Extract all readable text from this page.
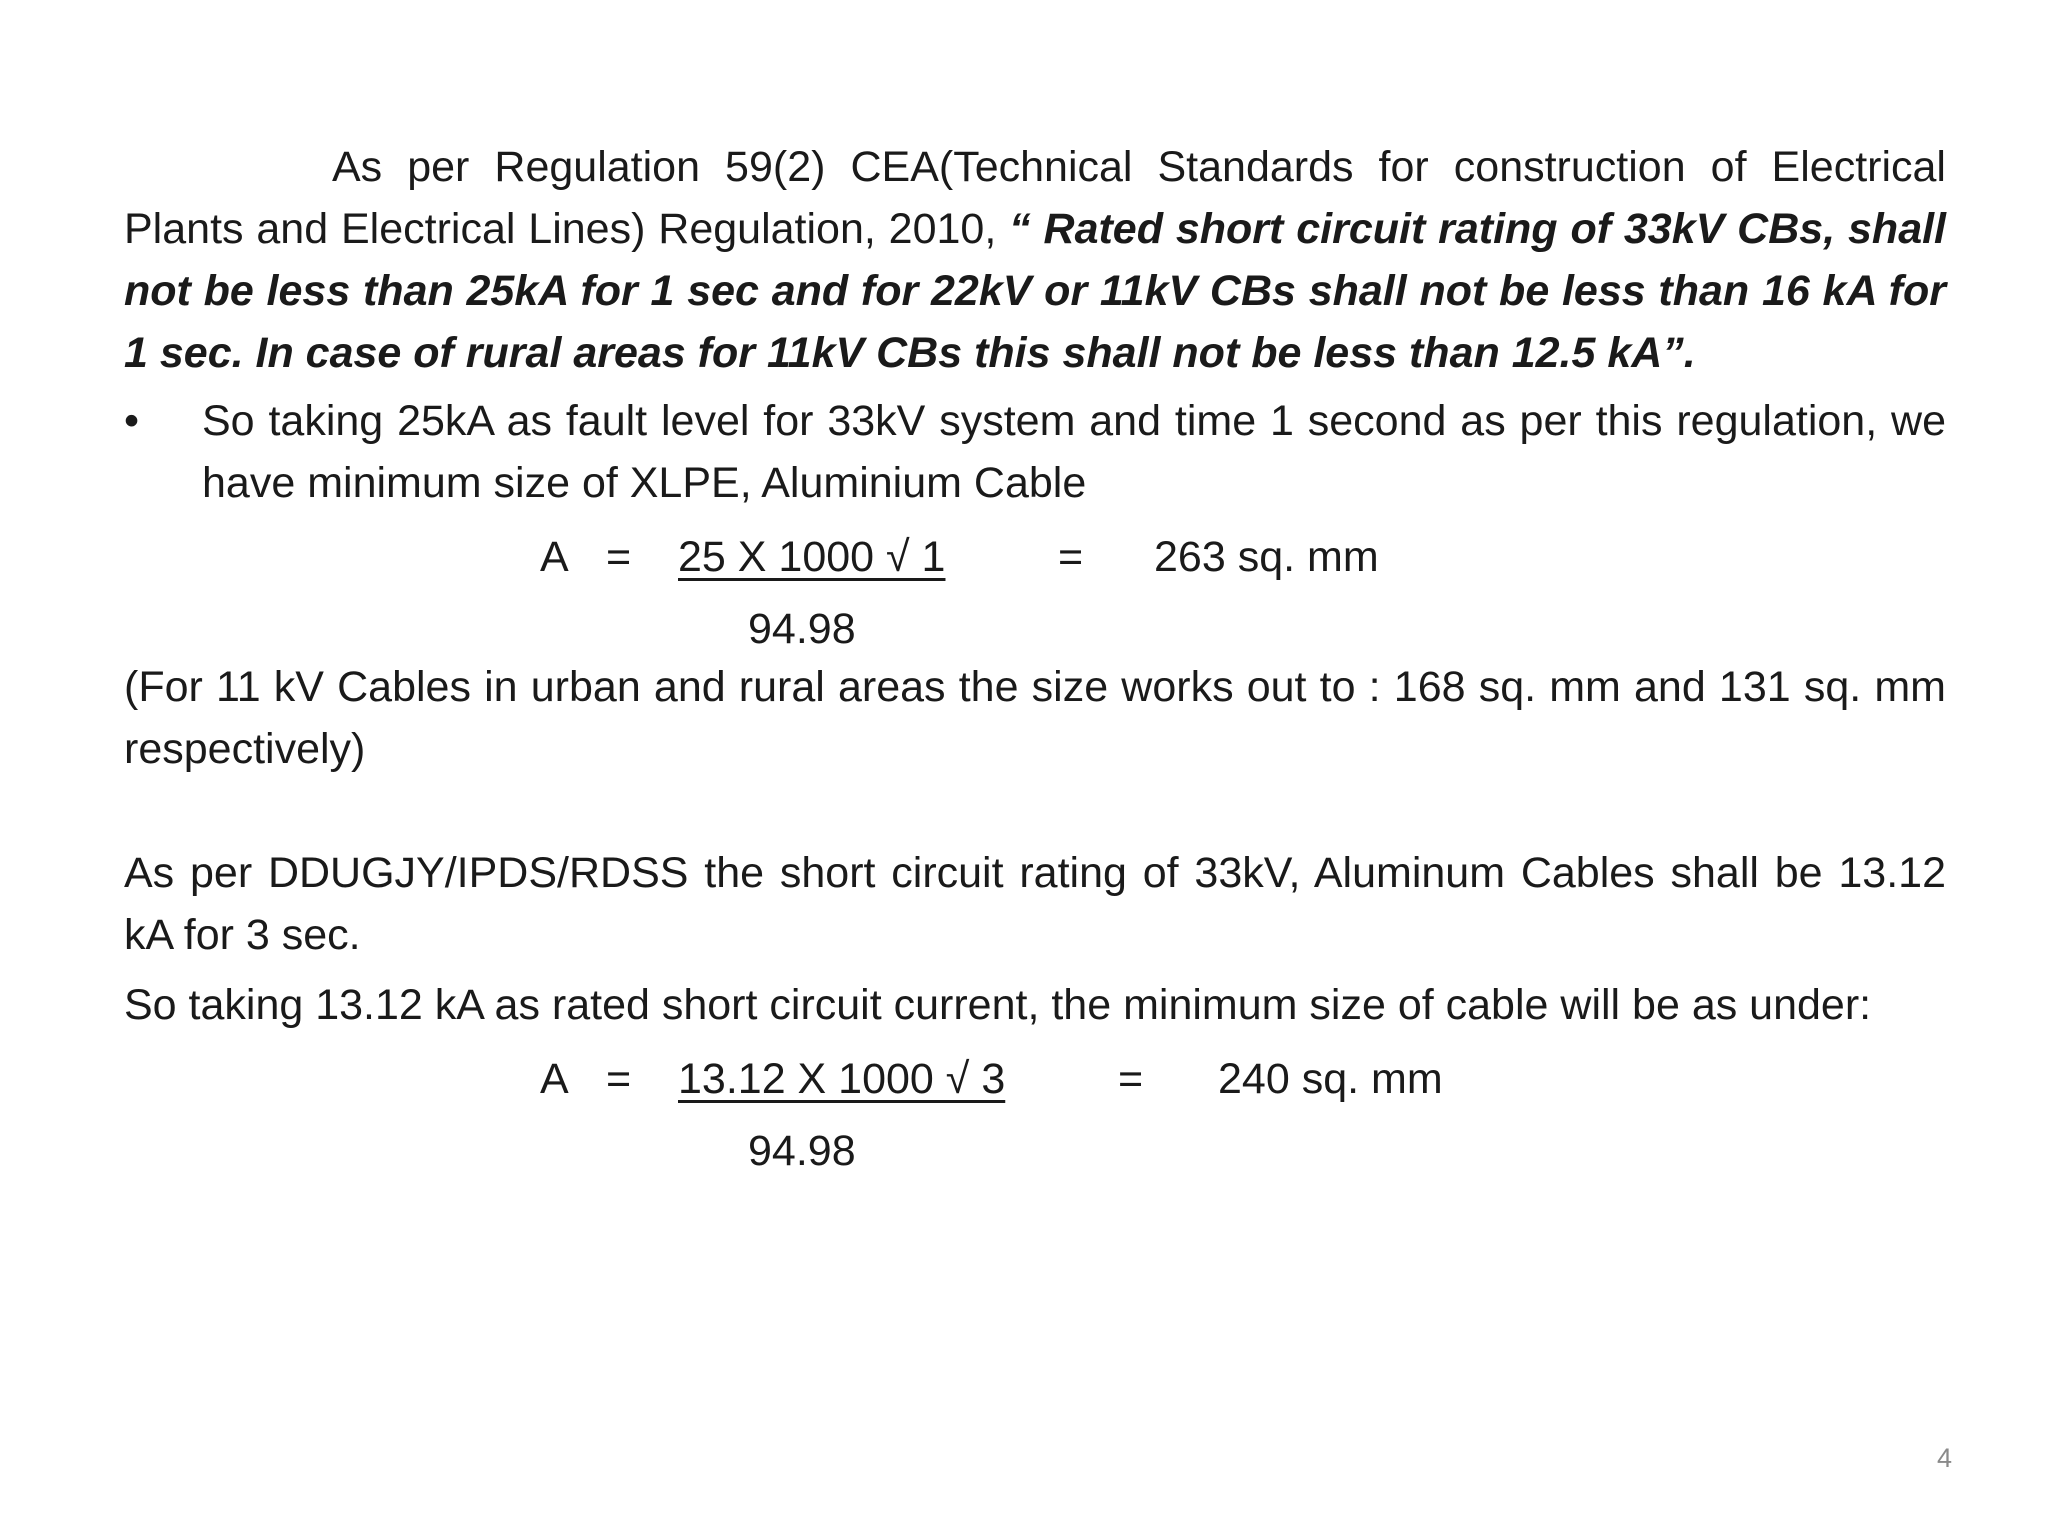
As per Regulation 59(2) CEA(Technical Standards for construction of Electrical Plants and Electrical Lines) Regulation, 2010, “ Rated short circuit rating of 33kV CBs, shall not be less than 25kA for 1 sec and for 22kV or 11kV CBs shall not be less than 16 kA for 1 sec. In case of rural areas for 11kV CBs this shall not be less than 12.5 kA”.

•	So taking 25kA as fault level for 33kV system and time 1 second as per this regulation, we have minimum size of XLPE, Aluminium Cable
A = 25 X 1000 √ 1	= 263 sq. mm
94.98

(For 11 kV Cables in urban and rural areas the size works out to : 168 sq. mm and 131 sq. mm respectively)

As per DDUGJY/IPDS/RDSS the short circuit rating of 33kV, Aluminum Cables shall be 13.12 kA for 3 sec.

So taking 13.12 kA as rated short circuit current, the minimum size of cable will be as under:

A = 13.12 X 1000 √ 3	= 240 sq. mm
94.98
4
